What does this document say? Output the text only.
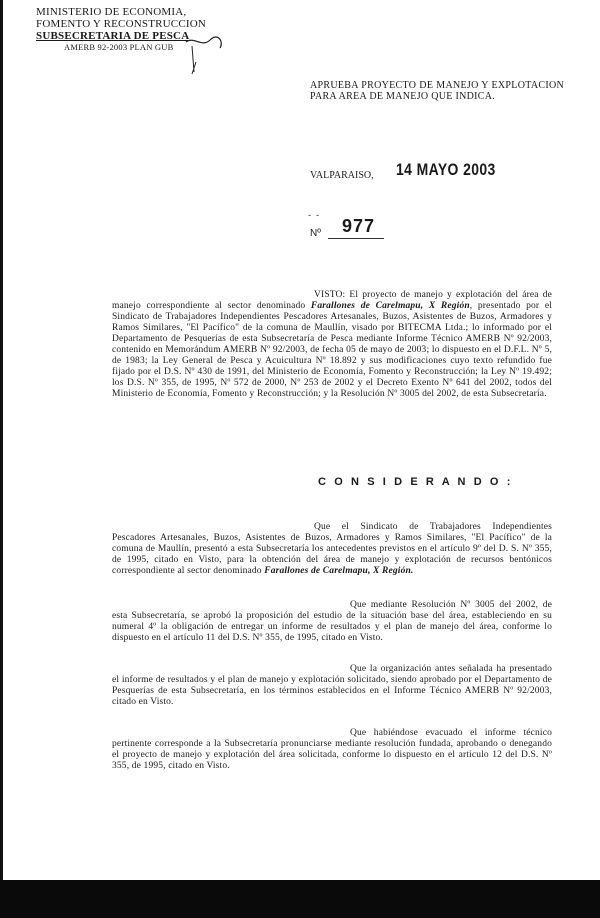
MINISTERIO DE ECONOMIA,
FOMENTO Y RECONSTRUCCION
SUBSECRETARIA DE PESCA
AMERB 92-2003 PLAN GUB
APRUEBA PROYECTO DE MANEJO Y EXPLOTACION PARA AREA DE MANEJO QUE INDICA.
VALPARAISO, 14 MAYO 2003
-  -
Nº 977
VISTO: El proyecto de manejo y explotación del área de manejo correspondiente al sector denominado Farallones de Carelmapu, X Región, presentado por el Sindicato de Trabajadores Independientes Pescadores Artesanales, Buzos, Asistentes de Buzos, Armadores y Ramos Similares, "El Pacífico" de la comuna de Maullín, visado por BITECMA Ltda.; lo informado por el Departamento de Pesquerías de esta Subsecretaría de Pesca mediante Informe Técnico AMERB Nº 92/2003, contenido en Memorándum AMERB Nº 92/2003, de fecha 05 de mayo de 2003; lo dispuesto en el D.F.L. Nº 5, de 1983; la Ley General de Pesca y Acuicultura Nº 18.892 y sus modificaciones cuyo texto refundido fue fijado por el D.S. Nº 430 de 1991, del Ministerio de Economía, Fomento y Reconstrucción; la Ley Nº 19.492; los D.S. Nº 355, de 1995, Nº 572 de 2000, Nº 253 de 2002 y el Decreto Exento Nº 641 del 2002, todos del Ministerio de Economía, Fomento y Reconstrucción; y la Resolución Nº 3005 del 2002, de esta Subsecretaría.
C O N S I D E R A N D O :
Que el Sindicato de Trabajadores Independientes Pescadores Artesanales, Buzos, Asistentes de Buzos, Armadores y Ramos Similares, "El Pacífico" de la comuna de Maullín, presentó a esta Subsecretaría los antecedentes previstos en el artículo 9º del D. S. Nº 355, de 1995, citado en Visto, para la obtención del área de manejo y explotación de recursos bentónicos correspondiente al sector denominado Farallones de Carelmapu, X Región.
Que mediante Resolución Nº 3005 del 2002, de esta Subsecretaría, se aprobó la proposición del estudio de la situación base del área, estableciendo en su numeral 4º la obligación de entregar un informe de resultados y el plan de manejo del área, conforme lo dispuesto en el artículo 11 del D.S. Nº 355, de 1995, citado en Visto.
Que la organización antes señalada ha presentado el informe de resultados y el plan de manejo y explotación solicitado, siendo aprobado por el Departamento de Pesquerías de esta Subsecretaría, en los términos establecidos en el Informe Técnico AMERB Nº 92/2003, citado en Visto.
Que habiéndose evacuado el informe técnico pertinente corresponde a la Subsecretaría pronunciarse mediante resolución fundada, aprobando o denegando el proyecto de manejo y explotación del área solicitada, conforme lo dispuesto en el artículo 12 del D.S. Nº 355, de 1995, citado en Visto.
